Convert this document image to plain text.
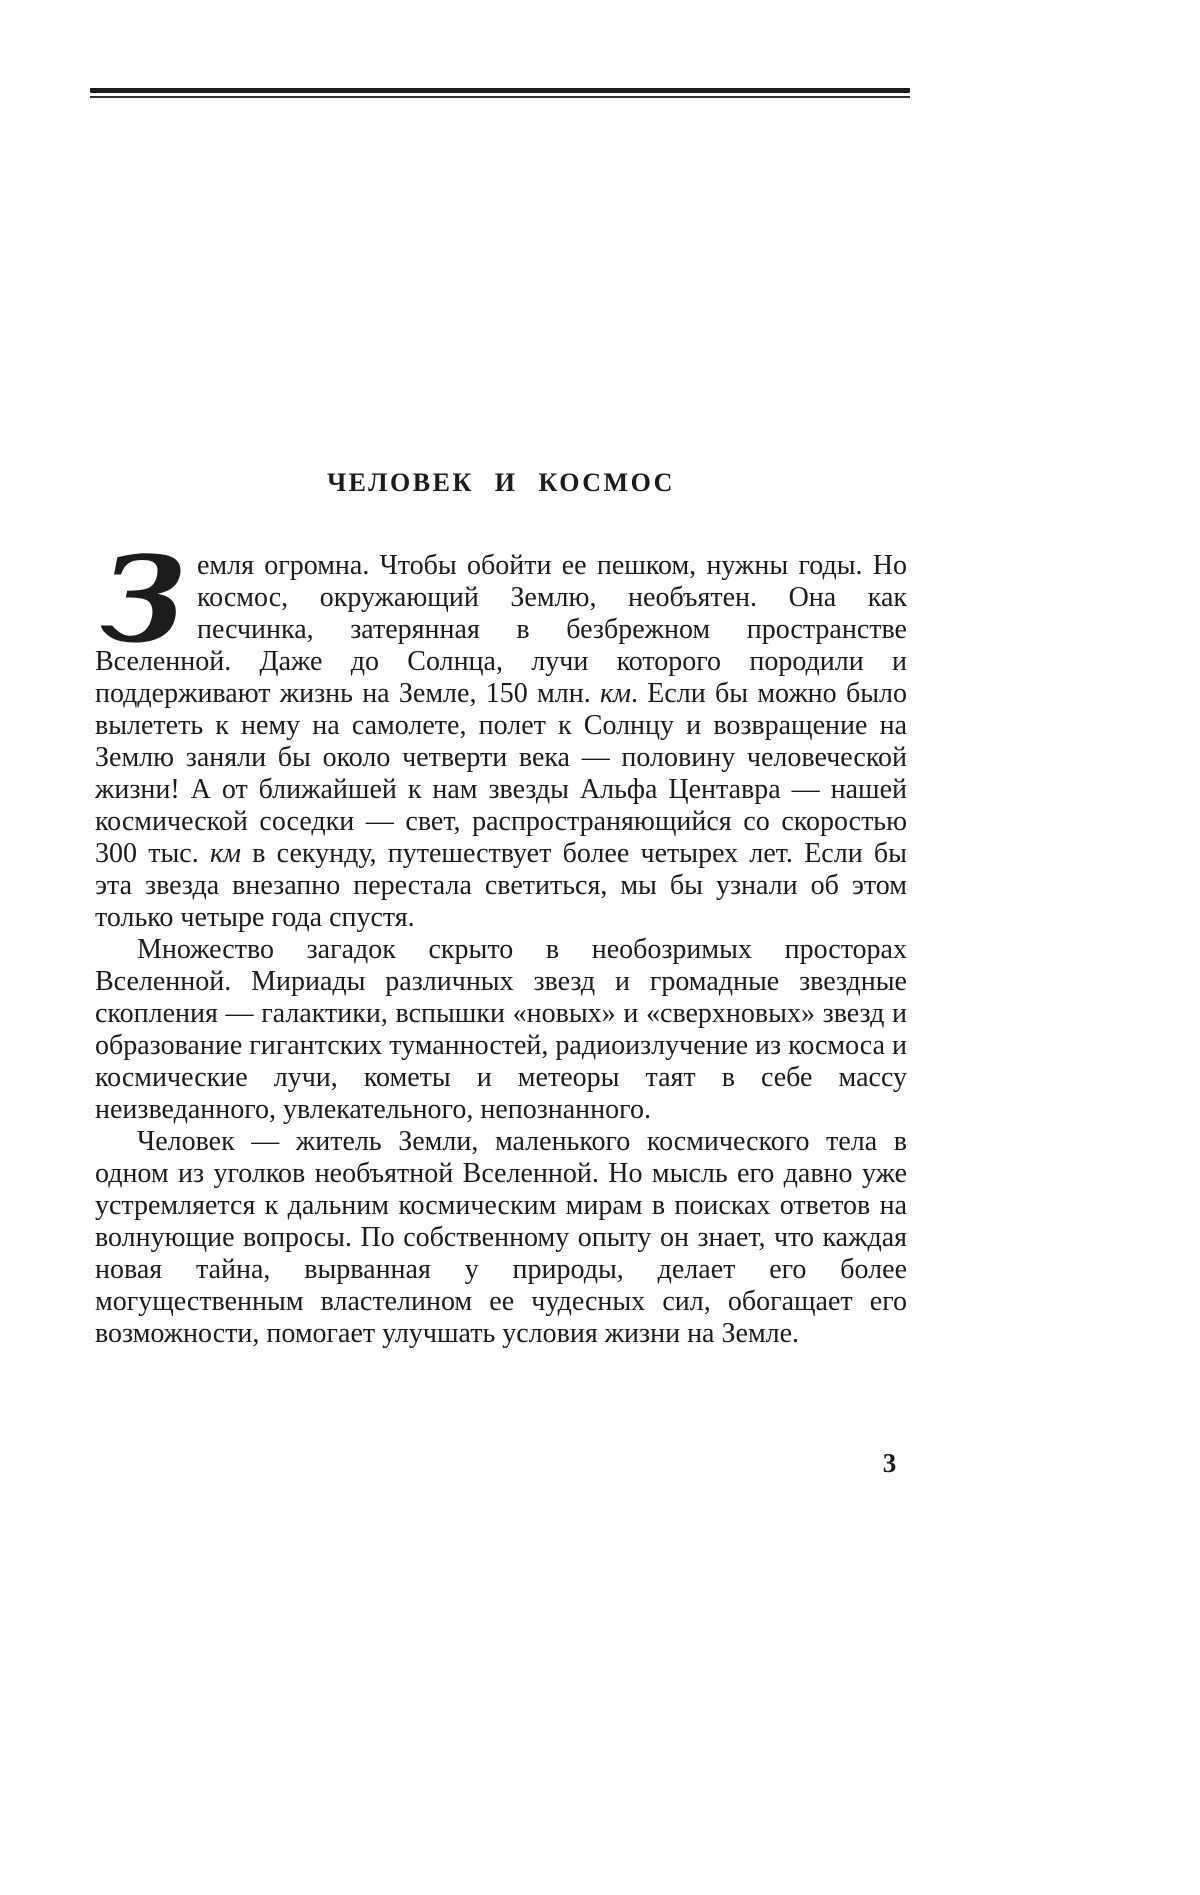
ЧЕЛОВЕК И КОСМОС

Земля огромна. Чтобы обойти ее пешком, нужны годы. Но космос, окружающий Землю, необъятен. Она как песчинка, затерянная в безбрежном пространстве Вселенной. Даже до Солнца, лучи которого породили и поддерживают жизнь на Земле, 150 млн. км. Если бы можно было вылететь к нему на самолете, полет к Солнцу и возвращение на Землю заняли бы около четверти века — половину человеческой жизни! А от ближайшей к нам звезды Альфа Центавра — нашей космической соседки — свет, распространяющийся со скоростью 300 тыс. км в секунду, путешествует более четырех лет. Если бы эта звезда внезапно перестала светиться, мы бы узнали об этом только четыре года спустя.

Множество загадок скрыто в необозримых просторах Вселенной. Мириады различных звезд и громадные звездные скопления — галактики, вспышки «новых» и «сверхновых» звезд и образование гигантских туманностей, радиоизлучение из космоса и космические лучи, кометы и метеоры таят в себе массу неизведанного, увлекательного, непознанного.

Человек — житель Земли, маленького космического тела в одном из уголков необъятной Вселенной. Но мысль его давно уже устремляется к дальним космическим мирам в поисках ответов на волнующие вопросы. По собственному опыту он знает, что каждая новая тайна, вырванная у природы, делает его более могущественным властелином ее чудесных сил, обогащает его возможности, помогает улучшать условия жизни на Земле.

3
